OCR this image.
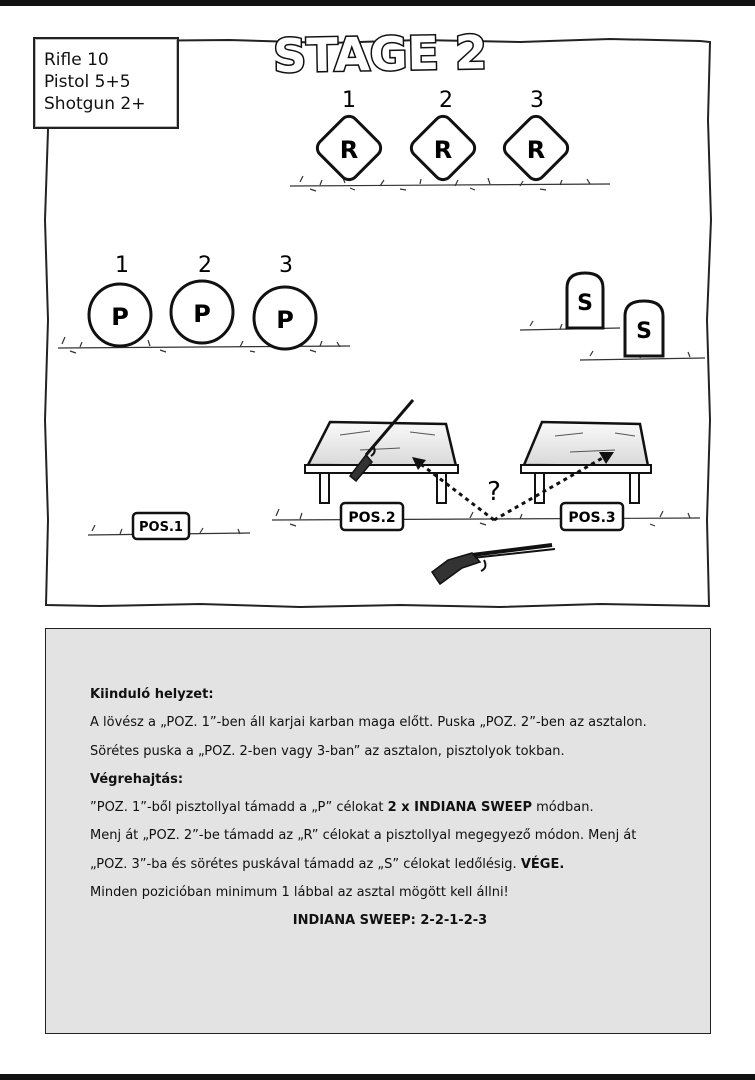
STAGE 2
1	2	3
R	R	R
1	2	3
P	P	P
S
S
POS.1
POS.2	POS.3
?
Rifle 10
Pistol 5+5
Shotgun 2+

Kiinduló helyzet:

A lövész a „POZ. 1”-ben áll karjai karban maga előtt. Puska „POZ. 2”-ben az asztalon.

Sörétes puska a „POZ. 2-ben vagy 3-ban” az asztalon, pisztolyok tokban.

Végrehajtás:

”POZ. 1”-ből pisztollyal támadd a „P” célokat 2 x INDIANA SWEEP módban.

Menj át „POZ. 2”-be támadd az „R” célokat a pisztollyal megegyező módon. Menj át

„POZ. 3”-ba és sörétes puskával támadd az „S” célokat ledőlésig. VÉGE.

Minden pozicióban minimum 1 lábbal az asztal mögött kell állni!

INDIANA SWEEP: 2-2-1-2-3
